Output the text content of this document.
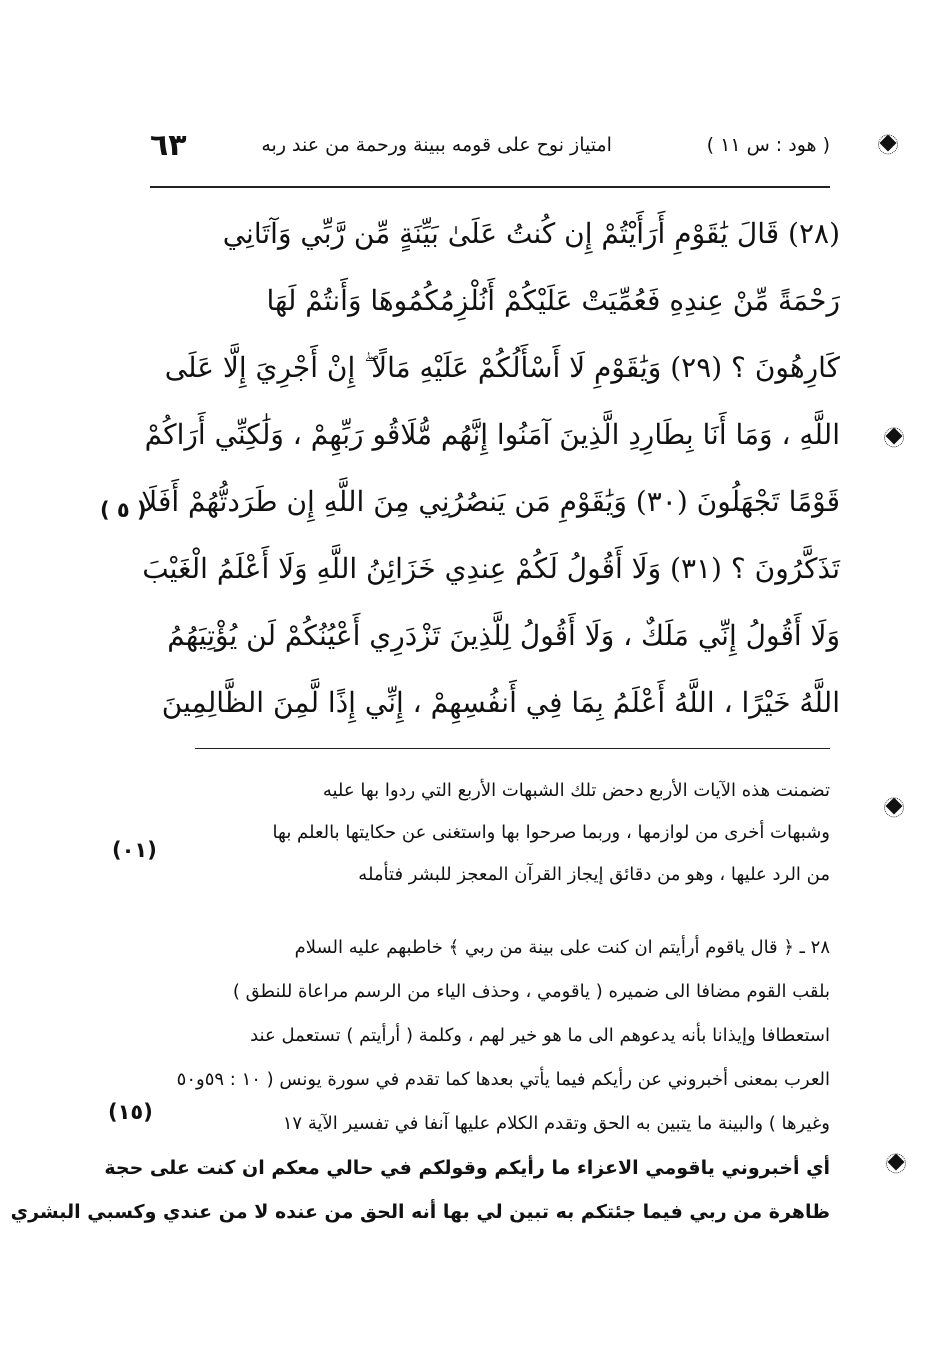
( هود : س ١١ )
امتياز نوح على قومه ببينة ورحمة من عند ربه
٦٣

(٢٨) قَالَ يَٰقَوْمِ أَرَأَيْتُمْ إِن كُنتُ عَلَىٰ بَيِّنَةٍ مِّن رَّبِّي وَآتَانِي

رَحْمَةً مِّنْ عِندِهِ فَعُمِّيَتْ عَلَيْكُمْ أَنُلْزِمُكُمُوهَا وَأَنتُمْ لَهَا

كَارِهُونَ ؟ (٢٩) وَيَٰقَوْمِ لَا أَسْأَلُكُمْ عَلَيْهِ مَالًا ۖ إِنْ أَجْرِيَ إِلَّا عَلَى

اللَّهِ ، وَمَا أَنَا بِطَارِدِ الَّذِينَ آمَنُوا إِنَّهُم مُّلَاقُو رَبِّهِمْ ، وَلَٰكِنِّي أَرَاكُمْ

قَوْمًا تَجْهَلُونَ (٣٠) وَيَٰقَوْمِ مَن يَنصُرُنِي مِنَ اللَّهِ إِن طَرَدتُّهُمْ أَفَلَا

تَذَكَّرُونَ ؟ (٣١) وَلَا أَقُولُ لَكُمْ عِندِي خَزَائِنُ اللَّهِ وَلَا أَعْلَمُ الْغَيْبَ

وَلَا أَقُولُ إِنِّي مَلَكٌ ، وَلَا أَقُولُ لِلَّذِينَ تَزْدَرِي أَعْيُنُكُمْ لَن يُؤْتِيَهُمُ

اللَّهُ خَيْرًا ، اللَّهُ أَعْلَمُ بِمَا فِي أَنفُسِهِمْ ، إِنِّي إِذًا لَّمِنَ الظَّالِمِينَ

( ٥ )

تضمنت هذه الآيات الأربع دحض تلك الشبهات الأربع التي ردوا بها عليه

وشبهات أخرى من لوازمها ، وربما صرحوا بها واستغنى عن حكايتها بالعلم بها

من الرد عليها ، وهو من دقائق إيجاز القرآن المعجز للبشر فتأمله

٢٨ ـ ﴿ قال ياقوم أرأيتم ان كنت على بينة من ربي ﴾ خاطبهم عليه السلام

بلقب القوم مضافا الى ضميره ( ياقومي ، وحذف الياء من الرسم مراعاة للنطق )

استعطافا وإيذانا بأنه يدعوهم الى ما هو خير لهم ، وكلمة ( أرأيتم ) تستعمل عند

العرب بمعنى أخبروني عن رأيكم فيما يأتي بعدها كما تقدم في سورة يونس ( ١٠ : ٥٩و٥٠

وغيرها ) والبينة ما يتبين به الحق وتقدم الكلام عليها آنفا في تفسير الآية ١٧

أي أخبروني ياقومي الاعزاء ما رأيكم وقولكم في حالي معكم ان كنت على حجة

ظاهرة من ربي فيما جئتكم به تبين لي بها أنه الحق من عنده لا من عندي وكسبي البشري

(٠١)
(١٥)
